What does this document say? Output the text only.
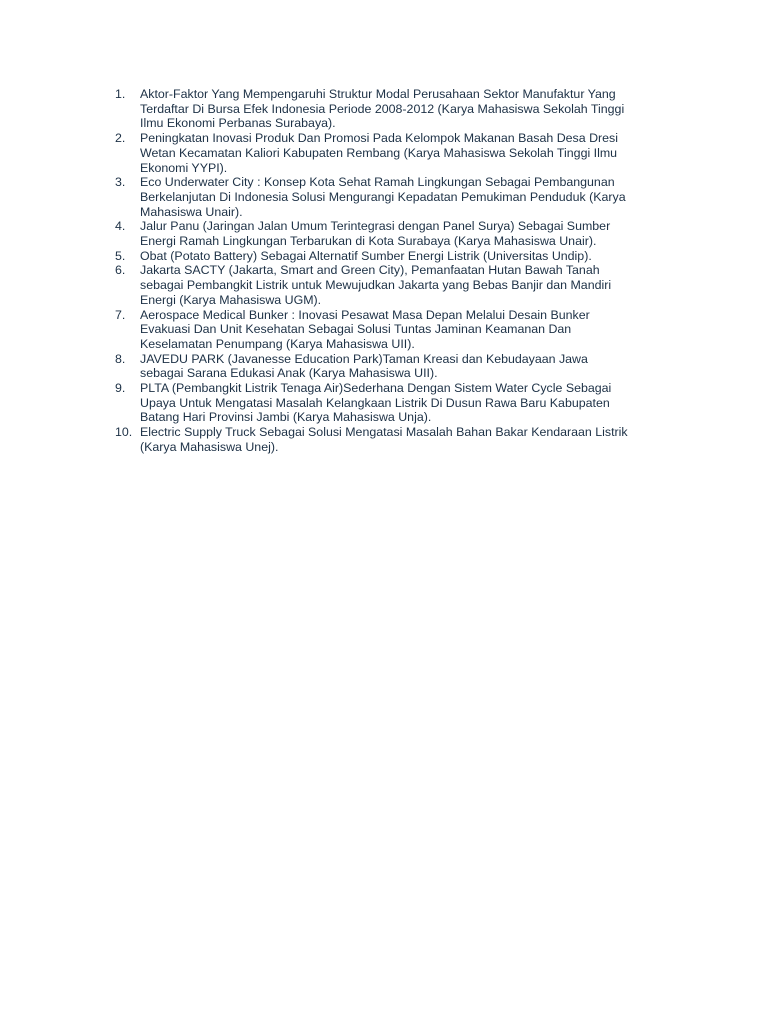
1.	Aktor-Faktor Yang Mempengaruhi Struktur Modal Perusahaan Sektor Manufaktur Yang
Terdaftar Di Bursa Efek Indonesia Periode 2008-2012 (Karya Mahasiswa Sekolah Tinggi
Ilmu Ekonomi Perbanas Surabaya).
2.	Peningkatan Inovasi Produk Dan Promosi Pada Kelompok Makanan Basah Desa Dresi
Wetan Kecamatan Kaliori Kabupaten Rembang (Karya Mahasiswa Sekolah Tinggi Ilmu
Ekonomi YYPI).
3.	Eco Underwater City : Konsep Kota Sehat Ramah Lingkungan Sebagai Pembangunan
Berkelanjutan Di Indonesia Solusi Mengurangi Kepadatan Pemukiman Penduduk (Karya
Mahasiswa Unair).
4.	Jalur Panu (Jaringan Jalan Umum Terintegrasi dengan Panel Surya) Sebagai Sumber
Energi Ramah Lingkungan Terbarukan di Kota Surabaya (Karya Mahasiswa Unair).
5.	Obat (Potato Battery) Sebagai Alternatif Sumber Energi Listrik (Universitas Undip).
6.	Jakarta SACTY (Jakarta, Smart and Green City), Pemanfaatan Hutan Bawah Tanah
sebagai Pembangkit Listrik untuk Mewujudkan Jakarta yang Bebas Banjir dan Mandiri
Energi (Karya Mahasiswa UGM).
7.	Aerospace Medical Bunker : Inovasi Pesawat Masa Depan Melalui Desain Bunker
Evakuasi Dan Unit Kesehatan Sebagai Solusi Tuntas Jaminan Keamanan Dan
Keselamatan Penumpang (Karya Mahasiswa UII).
8.	JAVEDU PARK (Javanesse Education Park)Taman Kreasi dan Kebudayaan Jawa
sebagai Sarana Edukasi Anak (Karya Mahasiswa UII).
9.	PLTA (Pembangkit Listrik Tenaga Air)Sederhana Dengan Sistem Water Cycle Sebagai
Upaya Untuk Mengatasi Masalah Kelangkaan Listrik Di Dusun Rawa Baru Kabupaten
Batang Hari Provinsi Jambi (Karya Mahasiswa Unja).
10. Electric Supply Truck Sebagai Solusi Mengatasi Masalah Bahan Bakar Kendaraan Listrik
(Karya Mahasiswa Unej).
